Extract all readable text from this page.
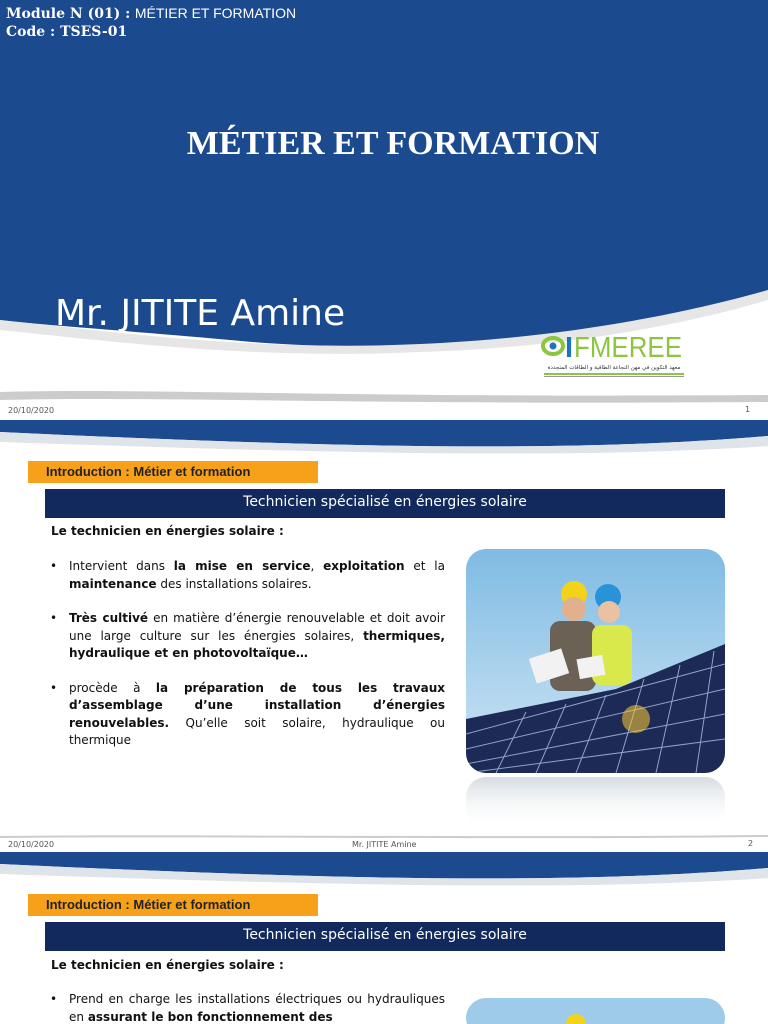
Module N (01) : MÉTIER ET FORMATION
Code : TSES-01
MÉTIER ET FORMATION
Mr. JITITE Amine
I FMEREE
معهد التكوين في مهن النجاعة الطاقية و الطاقات المتجددة
20/10/2020	1
Introduction : Métier et formation
Technicien spécialisé en énergies solaire
Le technicien en énergies solaire :
• Intervient dans la mise en service, exploitation et la maintenance des installations solaires.
• Très cultivé en matière d’énergie renouvelable et doit avoir une large culture sur les énergies solaires, thermiques, hydraulique et en photovoltaïque…
• procède à la préparation de tous les travaux d’assemblage d’une installation d’énergies renouvelables. Qu’elle soit solaire, hydraulique ou thermique
20/10/2020	Mr. JITITE Amine	2
Introduction : Métier et formation
Technicien spécialisé en énergies solaire
Le technicien en énergies solaire :
• Prend en charge les installations électriques ou hydrauliques en assurant le bon fonctionnement des
